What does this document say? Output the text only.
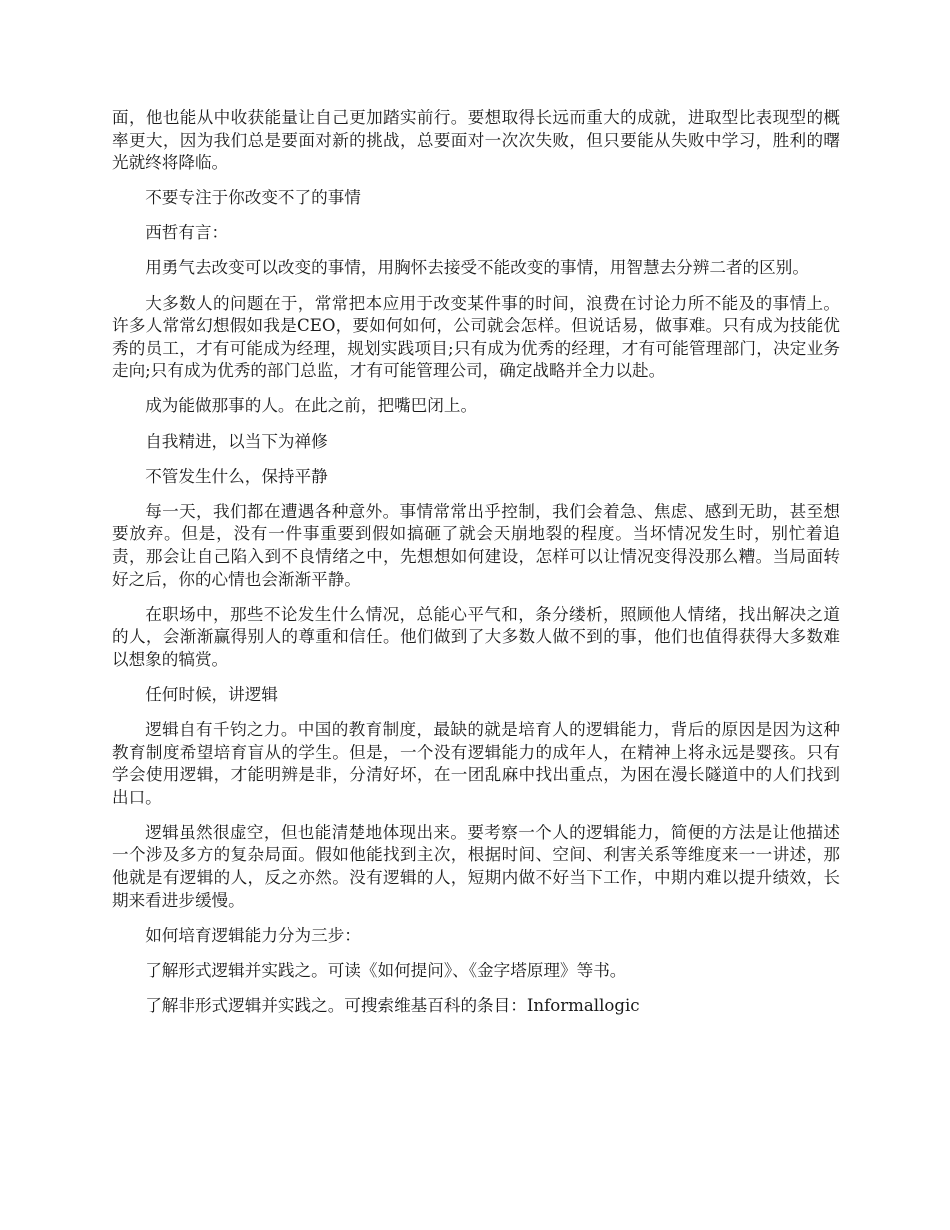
面，他也能从中收获能量让自己更加踏实前行。要想取得长远而重大的成就，进取型比表现型的概率更大，因为我们总是要面对新的挑战，总要面对一次次失败，但只要能从失败中学习，胜利的曙光就终将降临。

不要专注于你改变不了的事情

西哲有言：

用勇气去改变可以改变的事情，用胸怀去接受不能改变的事情，用智慧去分辨二者的区别。

大多数人的问题在于，常常把本应用于改变某件事的时间，浪费在讨论力所不能及的事情上。许多人常常幻想假如我是CEO，要如何如何，公司就会怎样。但说话易，做事难。只有成为技能优秀的员工，才有可能成为经理，规划实践项目;只有成为优秀的经理，才有可能管理部门，决定业务走向;只有成为优秀的部门总监，才有可能管理公司，确定战略并全力以赴。

成为能做那事的人。在此之前，把嘴巴闭上。

自我精进，以当下为禅修

不管发生什么，保持平静

每一天，我们都在遭遇各种意外。事情常常出乎控制，我们会着急、焦虑、感到无助，甚至想要放弃。但是，没有一件事重要到假如搞砸了就会天崩地裂的程度。当坏情况发生时，别忙着追责，那会让自己陷入到不良情绪之中，先想想如何建设，怎样可以让情况变得没那么糟。当局面转好之后，你的心情也会渐渐平静。

在职场中，那些不论发生什么情况，总能心平气和，条分缕析，照顾他人情绪，找出解决之道的人，会渐渐赢得别人的尊重和信任。他们做到了大多数人做不到的事，他们也值得获得大多数难以想象的犒赏。

任何时候，讲逻辑

逻辑自有千钧之力。中国的教育制度，最缺的就是培育人的逻辑能力，背后的原因是因为这种教育制度希望培育盲从的学生。但是，一个没有逻辑能力的成年人，在精神上将永远是婴孩。只有学会使用逻辑，才能明辨是非，分清好坏，在一团乱麻中找出重点，为困在漫长隧道中的人们找到出口。

逻辑虽然很虚空，但也能清楚地体现出来。要考察一个人的逻辑能力，简便的方法是让他描述一个涉及多方的复杂局面。假如他能找到主次，根据时间、空间、利害关系等维度来一一讲述，那他就是有逻辑的人，反之亦然。没有逻辑的人，短期内做不好当下工作，中期内难以提升绩效，长期来看进步缓慢。

如何培育逻辑能力分为三步：

了解形式逻辑并实践之。可读《如何提问》、《金字塔原理》等书。

了解非形式逻辑并实践之。可搜索维基百科的条目：Informallogic
